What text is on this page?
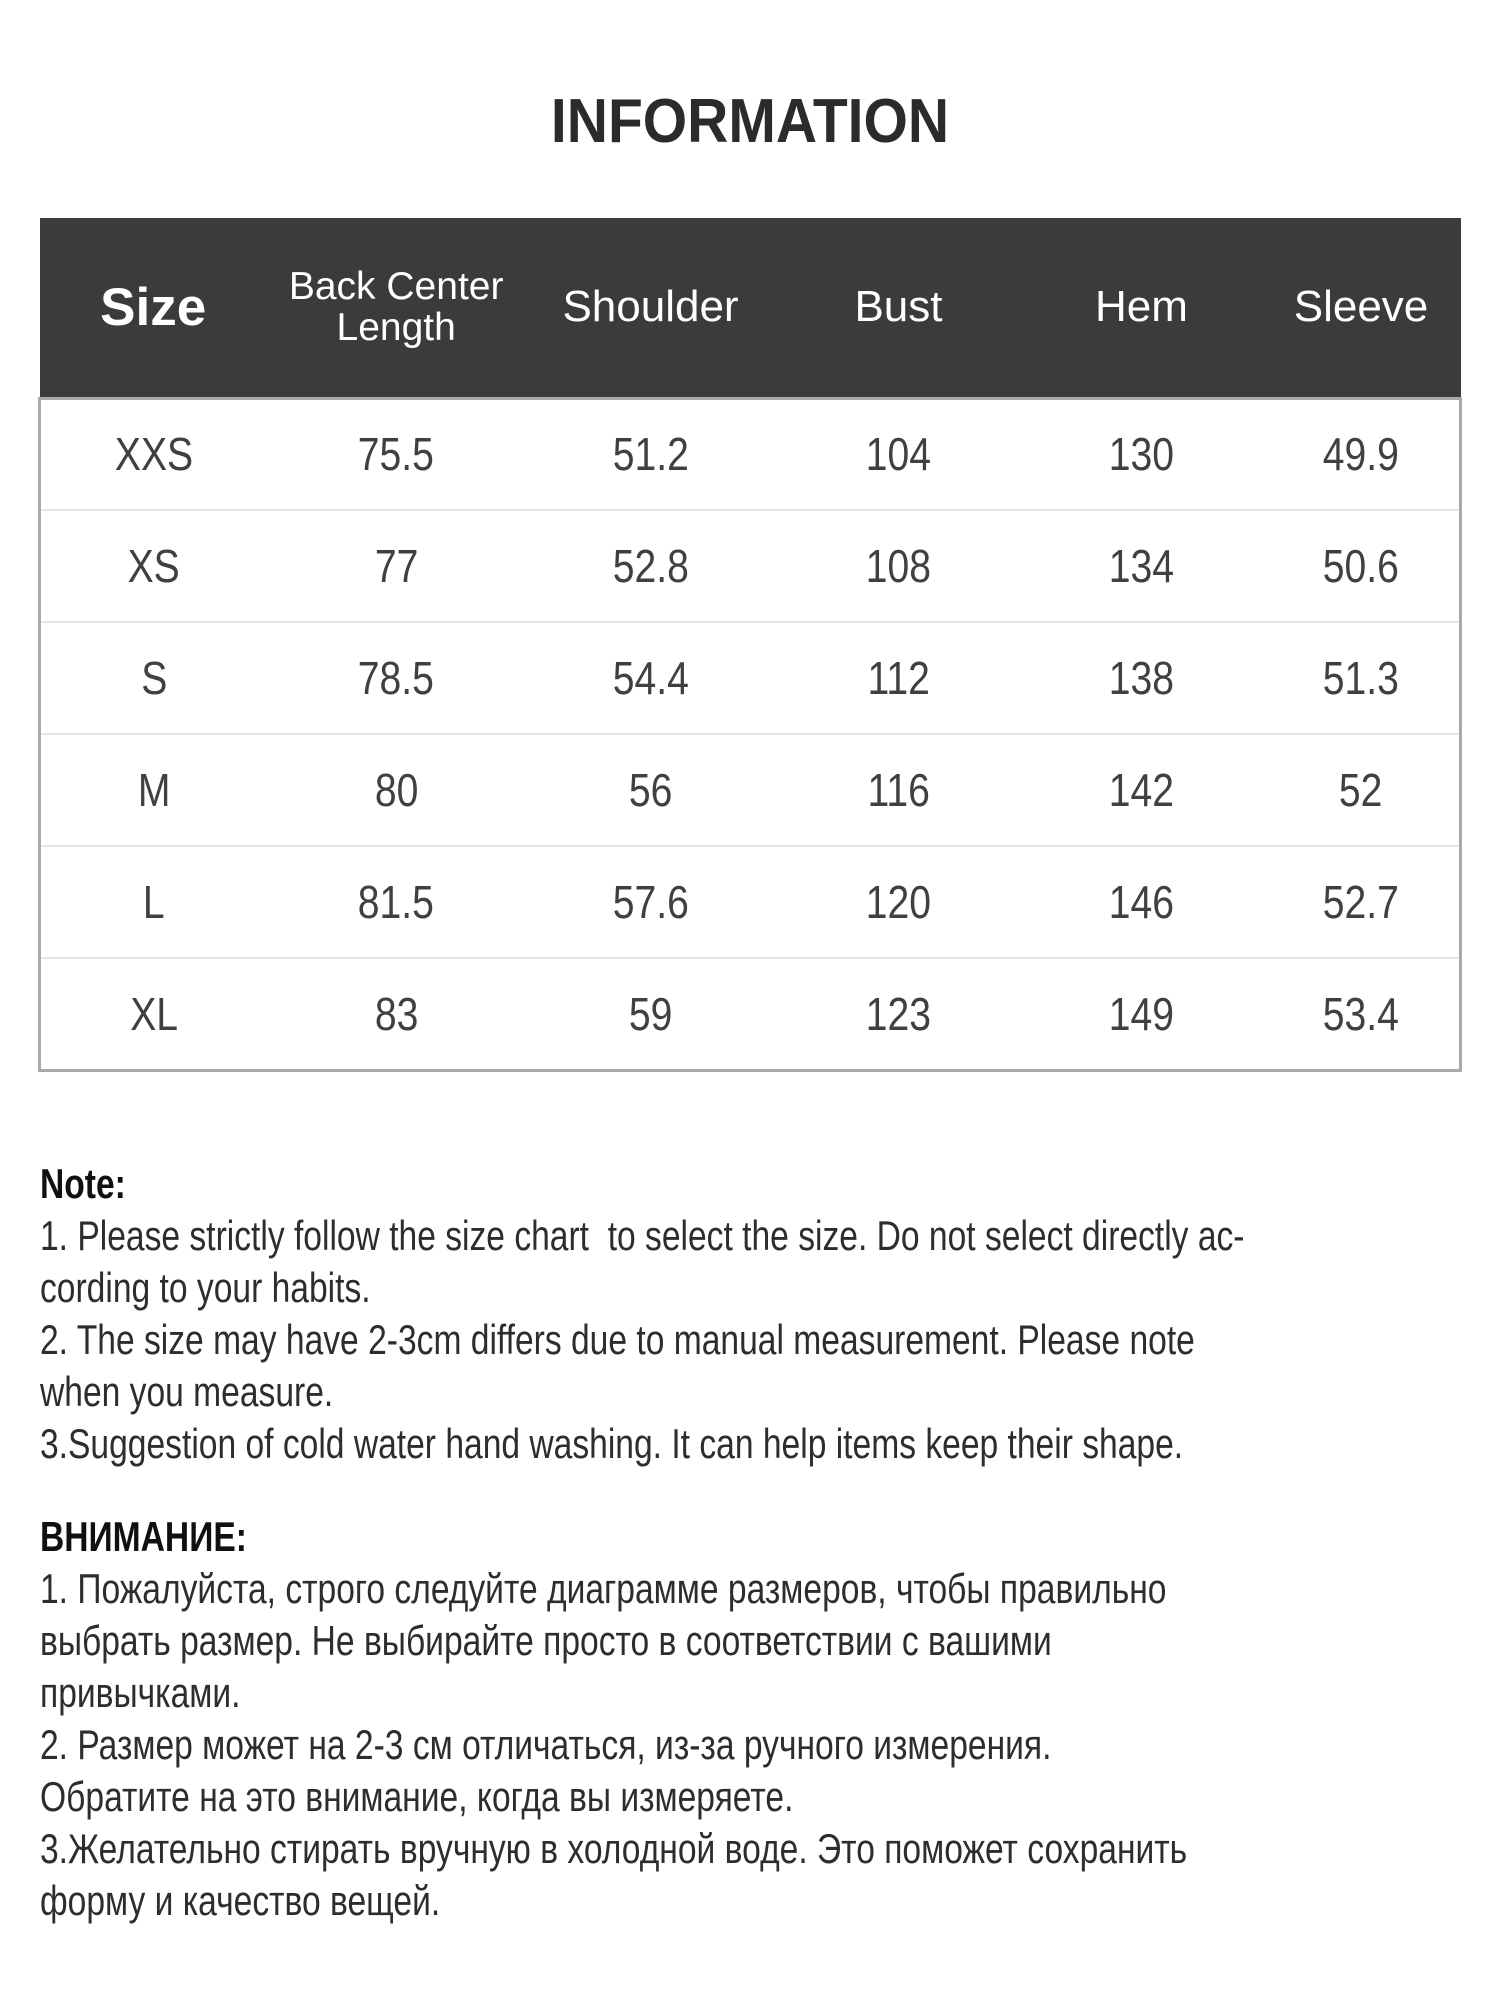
INFORMATION
Size	Back Center Length	Shoulder	Bust	Hem	Sleeve
XXS	75.5	51.2	104	130	49.9
XS	77	52.8	108	134	50.6
S	78.5	54.4	112	138	51.3
M	80	56	116	142	52
L	81.5	57.6	120	146	52.7
XL	83	59	123	149	53.4
Note:
1. Please strictly follow the size chart  to select the size. Do not select directly ac-
cording to your habits.
2. The size may have 2-3cm differs due to manual measurement. Please note
when you measure.
3.Suggestion of cold water hand washing. It can help items keep their shape.
ВНИМАНИЕ:
1. Пожалуйста, строго следуйте диаграмме размеров, чтобы правильно
выбрать размер. Не выбирайте просто в соответствии с вашими
привычками.
2. Размер может на 2-3 см отличаться, из-за ручного измерения.
Обратите на это внимание, когда вы измеряете.
3.Желательно стирать вручную в холодной воде. Это поможет сохранить
форму и качество вещей.
